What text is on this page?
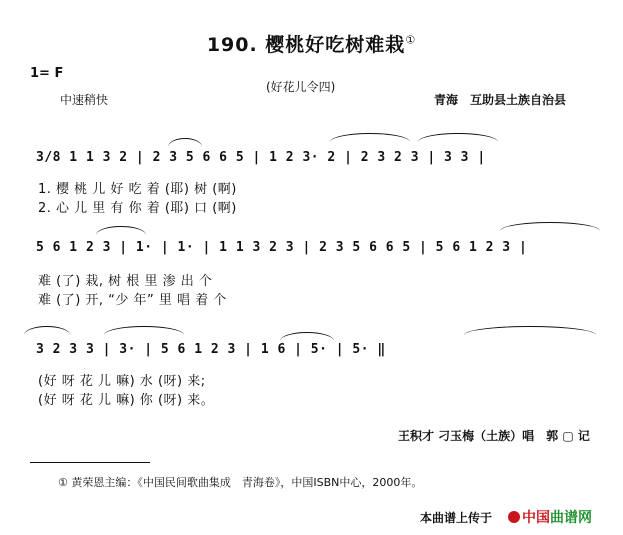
190. 樱桃好吃树难栽①
1= F
中速稍快
(好花儿令四)
青海　互助县土族自治县
3/8 1 1 3 2 | 2 3 5 6 6 5 | 1 2 3· 2 | 2 3 2 3 | 3 3 |
1. 樱 桃 儿 好 吃 着 (耶) 树 (啊)
2. 心 儿 里 有 你 着 (耶) 口 (啊)
5 6 1 2 3 | 1· | 1· | 1 1 3 2 3 | 2 3 5 6 6 5 | 5 6 1 2 3 |
难 (了) 栽, 树 根 里 渗 出 个
难 (了) 开, “少 年” 里 唱 着 个
3 2 3 3 | 3· | 5 6 1 2 3 | 1 6 | 5· | 5· ‖
(好 呀 花 儿 嘛) 水 (呀) 来;
(好 呀 花 儿 嘛) 你 (呀) 来。
王积才 刁玉梅（土族）唱　郭 ▢ 记
① 黄荣恩主编：《中国民间歌曲集成　青海卷》，中国ISBN中心，2000年。
本曲谱上传于	中国曲谱网
